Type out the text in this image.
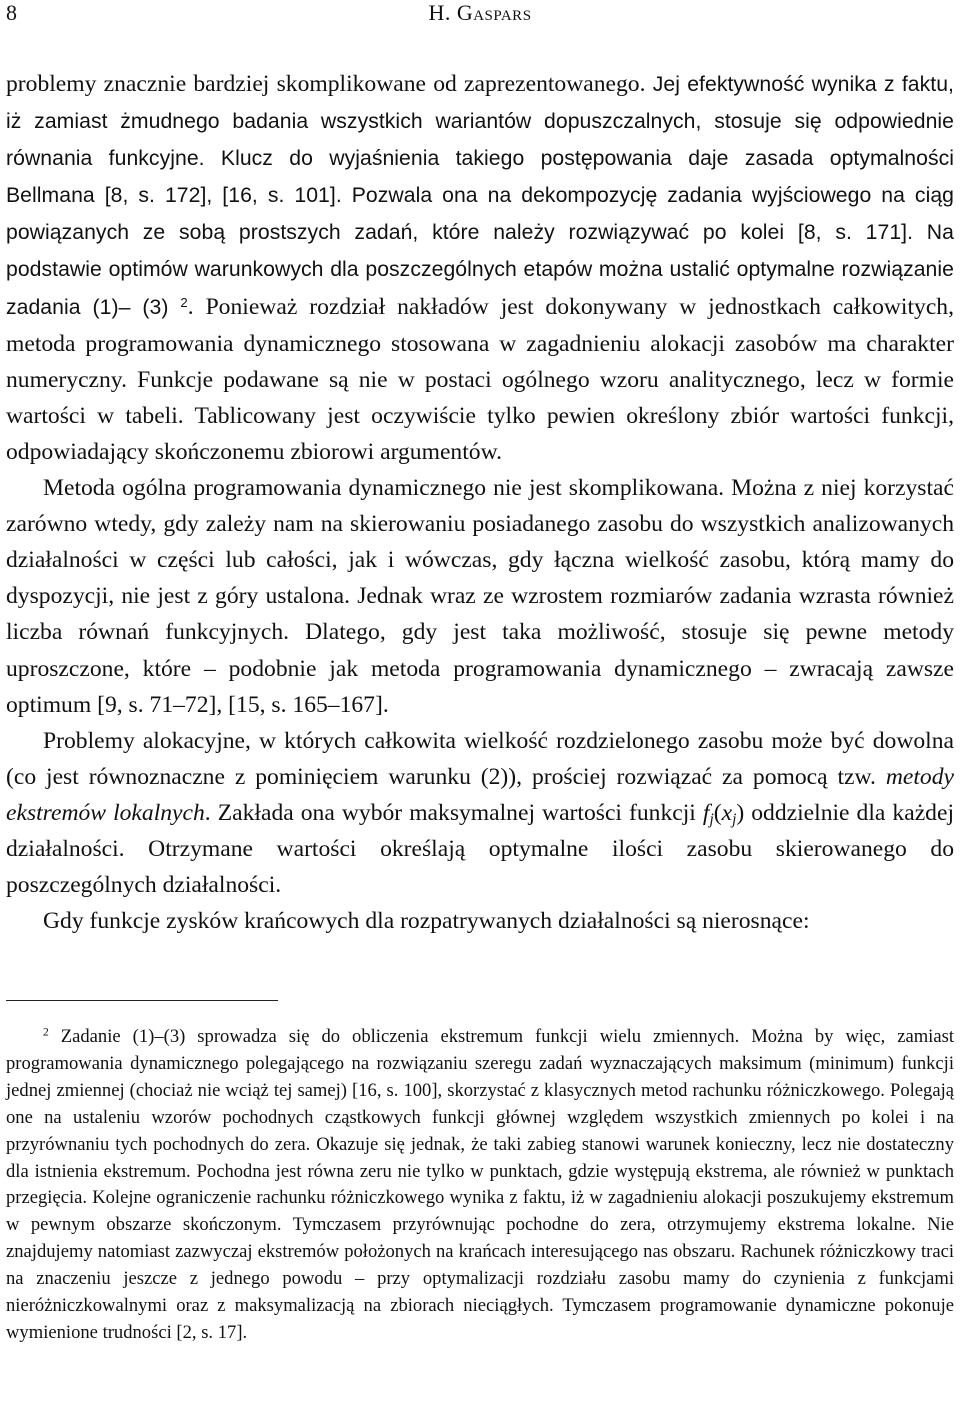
8	H. Gaspars

problemy znacznie bardziej skomplikowane od zaprezentowanego. Jej efektywność wynika z faktu, iż zamiast żmudnego badania wszystkich wariantów dopuszczalnych, stosuje się odpowiednie równania funkcyjne. Klucz do wyjaśnienia takiego postępowania daje zasada optymalności Bellmana [8, s. 172], [16, s. 101]. Pozwala ona na dekompozycję zadania wyjściowego na ciąg powiązanych ze sobą prostszych zadań, które należy rozwiązywać po kolei [8, s. 171]. Na podstawie optimów warunkowych dla poszczególnych etapów można ustalić optymalne rozwiązanie zadania (1)– (3) $^2$. Ponieważ rozdział nakładów jest dokonywany w jednostkach całkowitych, metoda programowania dynamicznego stosowana w zagadnieniu alokacji zasobów ma charakter numeryczny. Funkcje podawane są nie w postaci ogólnego wzoru analitycznego, lecz w formie wartości w tabeli. Tablicowany jest oczywiście tylko pewien określony zbiór wartości funkcji, odpowiadający skończonemu zbiorowi argumentów.

Metoda ogólna programowania dynamicznego nie jest skomplikowana. Można z niej korzystać zarówno wtedy, gdy zależy nam na skierowaniu posiadanego zasobu do wszystkich analizowanych działalności w części lub całości, jak i wówczas, gdy łączna wielkość zasobu, którą mamy do dyspozycji, nie jest z góry ustalona. Jednak wraz ze wzrostem rozmiarów zadania wzrasta również liczba równań funkcyjnych. Dlatego, gdy jest taka możliwość, stosuje się pewne metody uproszczone, które – podobnie jak metoda programowania dynamicznego – zwracają zawsze optimum [9, s. 71–72], [15, s. 165–167].

Problemy alokacyjne, w których całkowita wielkość rozdzielonego zasobu może być dowolna (co jest równoznaczne z pominięciem warunku (2)), prościej rozwiązać za pomocą tzw. metody ekstremów lokalnych. Zakłada ona wybór maksymalnej wartości funkcji $f_j(x_j)$ oddzielnie dla każdej działalności. Otrzymane wartości określają optymalne ilości zasobu skierowanego do poszczególnych działalności.

Gdy funkcje zysków krańcowych dla rozpatrywanych działalności są nierosnące:

$^2$ Zadanie (1)–(3) sprowadza się do obliczenia ekstremum funkcji wielu zmiennych. Można by więc, zamiast programowania dynamicznego polegającego na rozwiązaniu szeregu zadań wyznaczających maksimum (minimum) funkcji jednej zmiennej (chociaż nie wciąż tej samej) [16, s. 100], skorzystać z klasycznych metod rachunku różniczkowego. Polegają one na ustaleniu wzorów pochodnych cząstkowych funkcji głównej względem wszystkich zmiennych po kolei i na przyrównaniu tych pochodnych do zera. Okazuje się jednak, że taki zabieg stanowi warunek konieczny, lecz nie dostateczny dla istnienia ekstremum. Pochodna jest równa zeru nie tylko w punktach, gdzie występują ekstrema, ale również w punktach przegięcia. Kolejne ograniczenie rachunku różniczkowego wynika z faktu, iż w zagadnieniu alokacji poszukujemy ekstremum w pewnym obszarze skończonym. Tymczasem przyrównując pochodne do zera, otrzymujemy ekstrema lokalne. Nie znajdujemy natomiast zazwyczaj ekstremów położonych na krańcach interesującego nas obszaru. Rachunek różniczkowy traci na znaczeniu jeszcze z jednego powodu – przy optymalizacji rozdziału zasobu mamy do czynienia z funkcjami nieróżniczkowalnymi oraz z maksymalizacją na zbiorach nieciągłych. Tymczasem programowanie dynamiczne pokonuje wymienione trudności [2, s. 17].
